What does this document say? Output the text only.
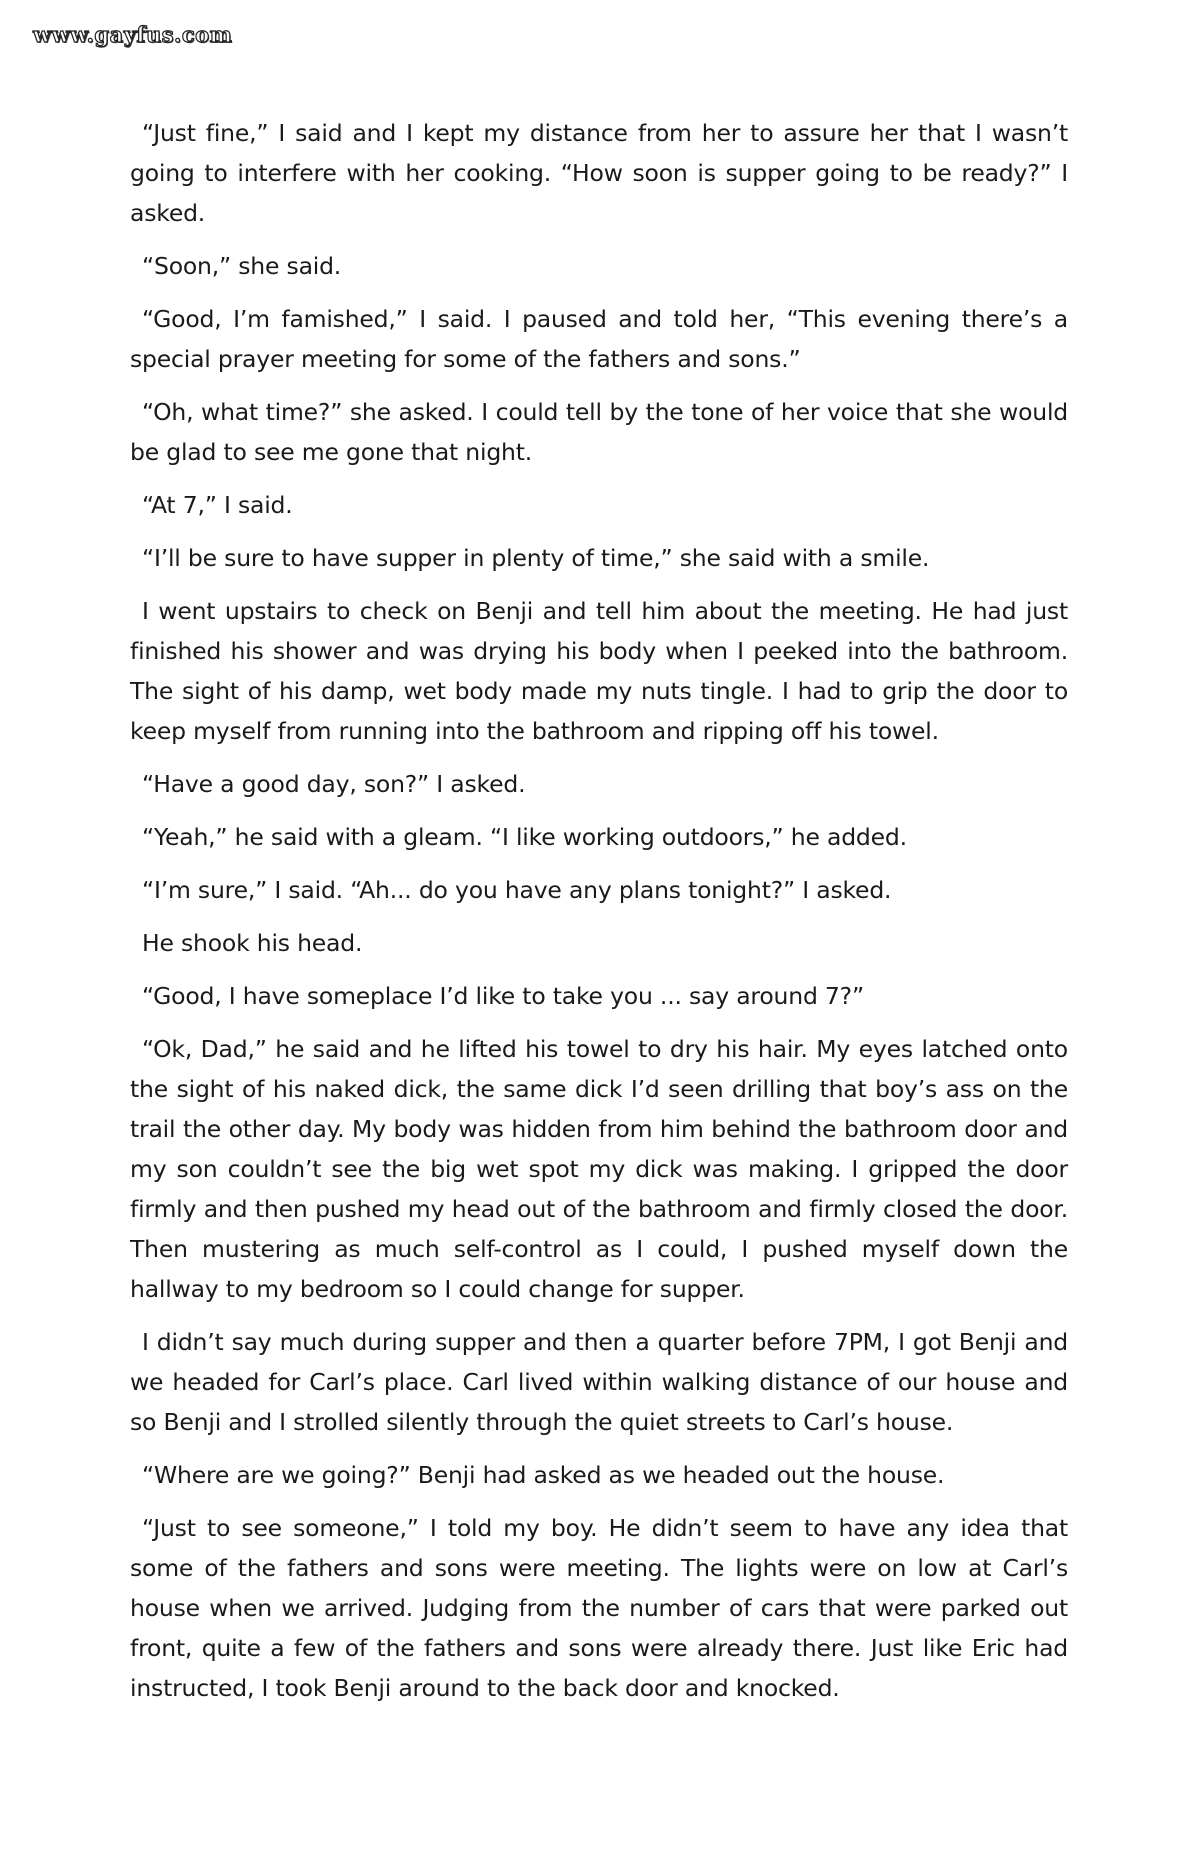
www.gayfus.com

“Just fine,” I said and I kept my distance from her to assure her that I wasn’t going to interfere with her cooking. “How soon is supper going to be ready?” I asked.

“Soon,” she said.

“Good, I’m famished,” I said. I paused and told her, “This evening there’s a special prayer meeting for some of the fathers and sons.”

“Oh, what time?” she asked. I could tell by the tone of her voice that she would be glad to see me gone that night.

“At 7,” I said.

“I’ll be sure to have supper in plenty of time,” she said with a smile.

I went upstairs to check on Benji and tell him about the meeting. He had just finished his shower and was drying his body when I peeked into the bathroom. The sight of his damp, wet body made my nuts tingle. I had to grip the door to keep myself from running into the bathroom and ripping off his towel.

“Have a good day, son?” I asked.

“Yeah,” he said with a gleam. “I like working outdoors,” he added.

“I’m sure,” I said. “Ah... do you have any plans tonight?” I asked.

He shook his head.

“Good, I have someplace I’d like to take you ... say around 7?”

“Ok, Dad,” he said and he lifted his towel to dry his hair. My eyes latched onto the sight of his naked dick, the same dick I’d seen drilling that boy’s ass on the trail the other day. My body was hidden from him behind the bathroom door and my son couldn’t see the big wet spot my dick was making. I gripped the door firmly and then pushed my head out of the bathroom and firmly closed the door. Then mustering as much self-control as I could, I pushed myself down the hallway to my bedroom so I could change for supper.

I didn’t say much during supper and then a quarter before 7PM, I got Benji and we headed for Carl’s place. Carl lived within walking distance of our house and so Benji and I strolled silently through the quiet streets to Carl’s house.

“Where are we going?” Benji had asked as we headed out the house.

“Just to see someone,” I told my boy. He didn’t seem to have any idea that some of the fathers and sons were meeting. The lights were on low at Carl’s house when we arrived. Judging from the number of cars that were parked out front, quite a few of the fathers and sons were already there. Just like Eric had instructed, I took Benji around to the back door and knocked.
